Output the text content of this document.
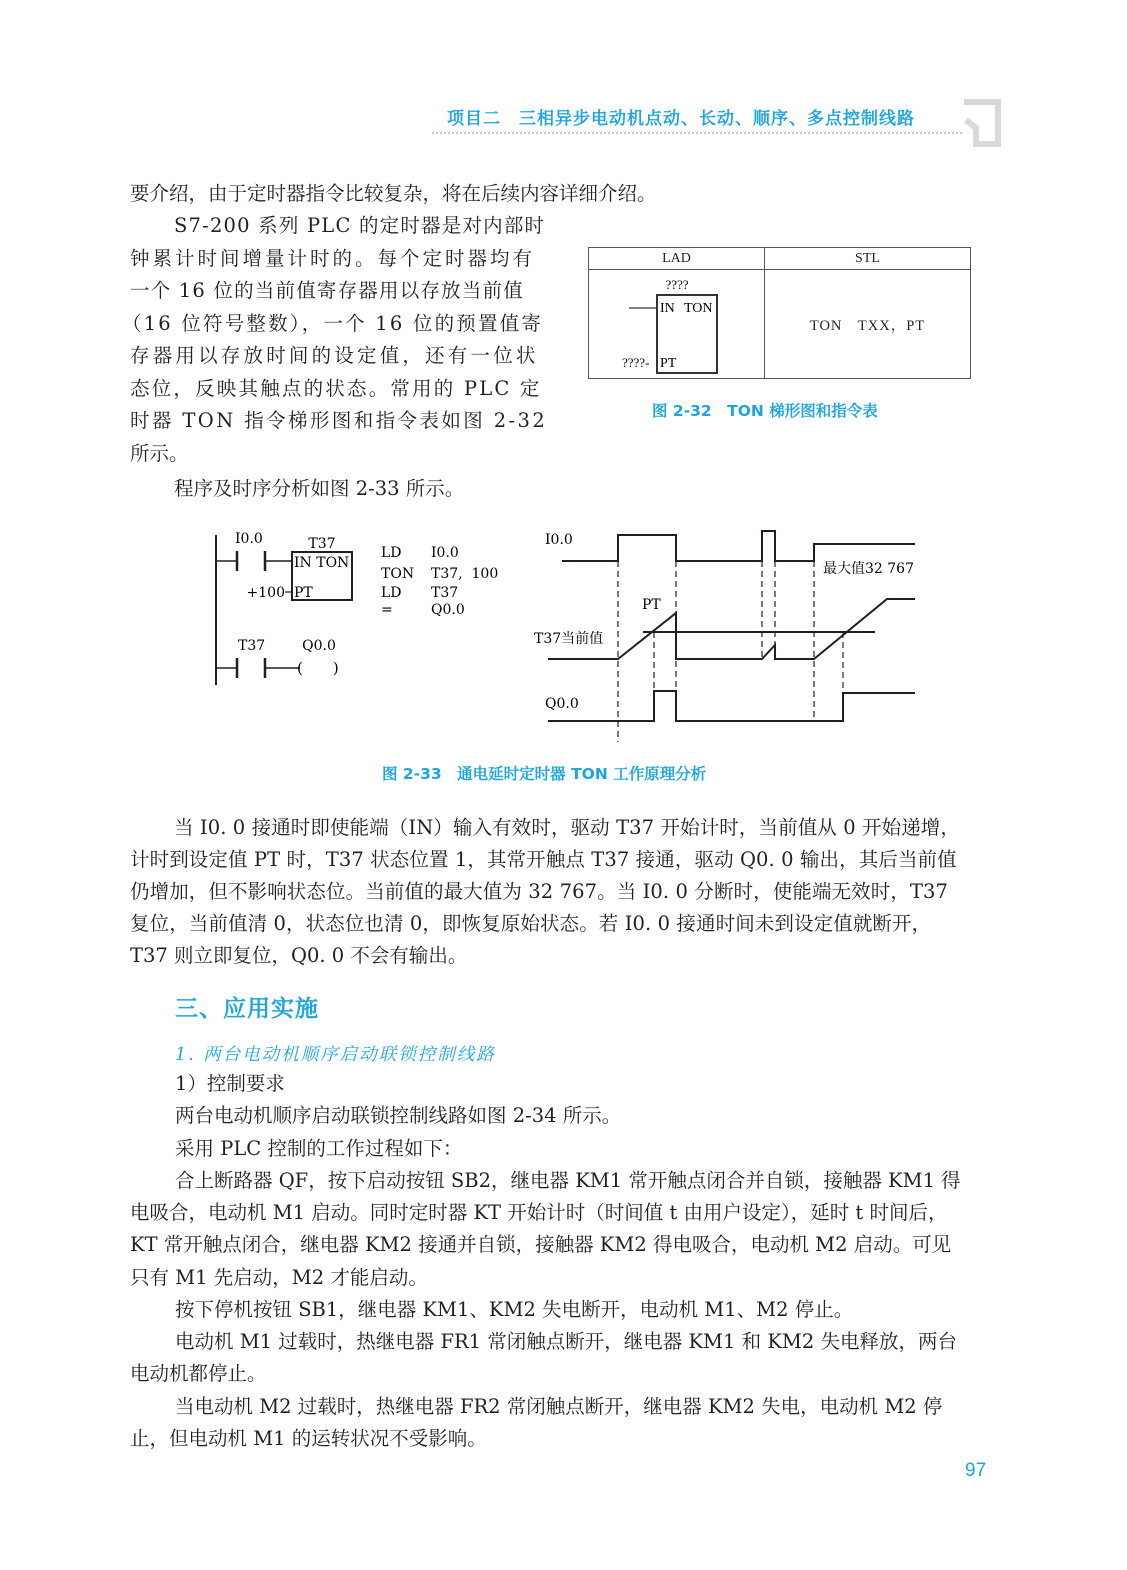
项目二　三相异步电动机点动、长动、顺序、多点控制线路
要介绍，由于定时器指令比较复杂，将在后续内容详细介绍。
S7-200 系列 PLC 的定时器是对内部时
钟累计时间增量计时的。每个定时器均有
一个 16 位的当前值寄存器用以存放当前值
（16 位符号整数），一个 16 位的预置值寄
存器用以存放时间的设定值，还有一位状
态位，反映其触点的状态。常用的 PLC 定
时器 TON 指令梯形图和指令表如图 2-32
所示。
程序及时序分析如图 2-33 所示。
LAD	STL

????
IN TON
PT
????-	TON　TXX，PT
图 2-32　TON 梯形图和指令表
I0.0	T37
IN TON
PT
+100
T37	Q0.0
(　　)
LD I0.0
TON T37,  100
LD T37
=	Q0.0
I0.0
T37当前值
Q0.0
PT
最大值32 767
图 2-33　通电延时定时器 TON 工作原理分析
当 I0. 0 接通时即使能端（IN）输入有效时，驱动 T37 开始计时，当前值从 0 开始递增，
计时到设定值 PT 时，T37 状态位置 1，其常开触点 T37 接通，驱动 Q0. 0 输出，其后当前值
仍增加，但不影响状态位。当前值的最大值为 32 767。当 I0. 0 分断时，使能端无效时，T37
复位，当前值清 0，状态位也清 0，即恢复原始状态。若 I0. 0 接通时间未到设定值就断开，
T37 则立即复位，Q0. 0 不会有输出。
三、应用实施
1. 两台电动机顺序启动联锁控制线路
1）控制要求
两台电动机顺序启动联锁控制线路如图 2-34 所示。
采用 PLC 控制的工作过程如下：
合上断路器 QF，按下启动按钮 SB2，继电器 KM1 常开触点闭合并自锁，接触器 KM1 得
电吸合，电动机 M1 启动。同时定时器 KT 开始计时（时间值 t 由用户设定），延时 t 时间后，
KT 常开触点闭合，继电器 KM2 接通并自锁，接触器 KM2 得电吸合，电动机 M2 启动。可见
只有 M1 先启动，M2 才能启动。
按下停机按钮 SB1，继电器 KM1、KM2 失电断开，电动机 M1、M2 停止。
电动机 M1 过载时，热继电器 FR1 常闭触点断开，继电器 KM1 和 KM2 失电释放，两台
电动机都停止。
当电动机 M2 过载时，热继电器 FR2 常闭触点断开，继电器 KM2 失电，电动机 M2 停
止，但电动机 M1 的运转状况不受影响。
97
